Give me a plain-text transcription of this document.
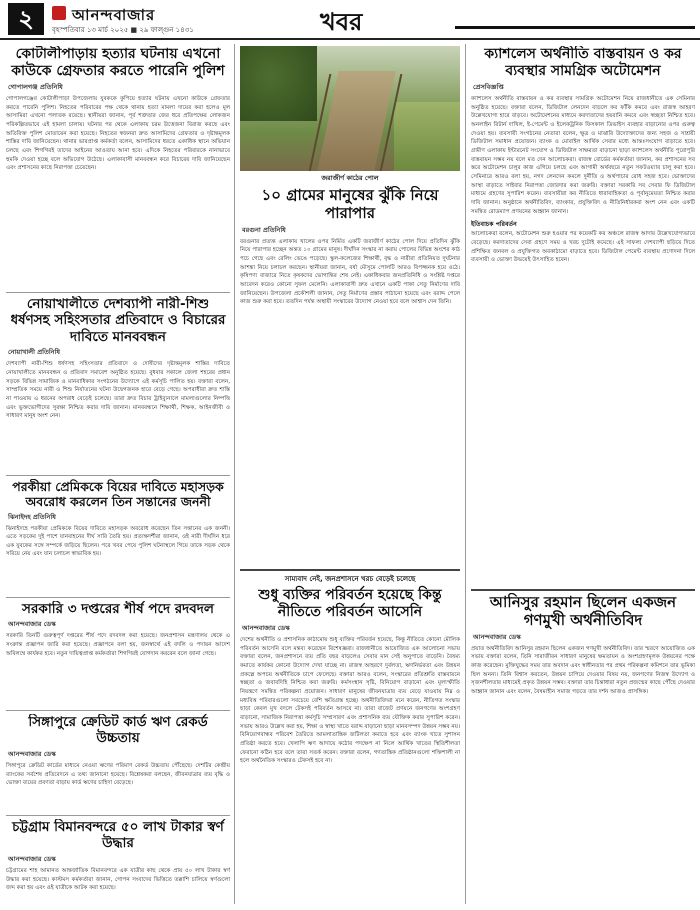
২	আনন্দবাজার
বৃহস্পতিবার ১৩ মার্চ ২০২৫ ■ ২৯ ফাল্গুন ১৪৩১	খবর
কোটালীপাড়ায় হত্যার ঘটনায় এখনো কাউকে গ্রেফতার করতে পারেনি পুলিশ
গোপালগঞ্জ প্রতিনিধি
গোপালগঞ্জের কোটালীপাড়া উপজেলায় যুবককে কুপিয়ে হত্যার ঘটনায় এখনো কাউকে গ্রেফতার করতে পারেনি পুলিশ। নিহতের পরিবারের পক্ষ থেকে থানায় হত্যা মামলা দায়ের করা হলেও মূল আসামিরা এখনো পলাতক রয়েছে। স্থানীয়রা জানান, পূর্ব শত্রুতার জের ধরে প্রতিপক্ষের লোকজন পরিকল্পিতভাবে এই হামলা চালায়। ঘটনার পর থেকে এলাকায় চরম উত্তেজনা বিরাজ করছে এবং অতিরিক্ত পুলিশ মোতায়েন করা হয়েছে। নিহতের স্বজনরা দ্রুত আসামিদের গ্রেফতার ও দৃষ্টান্তমূলক শাস্তির দাবি জানিয়েছেন। থানার ভারপ্রাপ্ত কর্মকর্তা বলেন, আসামিদের ধরতে একাধিক স্থানে অভিযান চলছে এবং শিগগিরই তাদের আইনের আওতায় আনা হবে। এদিকে নিহতের পরিবারকে নানাভাবে হুমকি দেওয়া হচ্ছে বলে অভিযোগ উঠেছে। এলাকাবাসী মানববন্ধন করে বিচারের দাবি জানিয়েছেন এবং প্রশাসনের কাছে নিরাপত্তা চেয়েছেন।
নোয়াখালীতে দেশব্যাপী নারী-শিশু ধর্ষণসহ সহিংসতার প্রতিবাদে ও বিচারের দাবিতে মানববন্ধন
নোয়াখালী প্রতিনিধি
দেশব্যাপী নারী-শিশু ধর্ষণসহ সহিংসতার প্রতিবাদে ও দোষীদের দৃষ্টান্তমূলক শাস্তির দাবিতে নোয়াখালীতে মানববন্ধন ও প্রতিবাদ সমাবেশ অনুষ্ঠিত হয়েছে। বুধবার সকালে জেলা শহরের প্রধান সড়কে বিভিন্ন সামাজিক ও মানবাধিকার সংগঠনের উদ্যোগে এই কর্মসূচি পালিত হয়। বক্তারা বলেন, সাম্প্রতিক সময়ে নারী ও শিশু নির্যাতনের ঘটনা উদ্বেগজনক হারে বেড়ে গেছে। অপরাধীরা দ্রুত শাস্তি না পাওয়ায় এ ধরনের অপরাধ বেড়েই চলেছে। তারা দ্রুত বিচার ট্রাইব্যুনালে মামলাগুলোর নিষ্পত্তি এবং ভুক্তভোগীদের সুরক্ষা নিশ্চিত করার দাবি জানান। মানববন্ধনে শিক্ষার্থী, শিক্ষক, আইনজীবী ও সাধারণ মানুষ অংশ নেন।
পরকীয়া প্রেমিককে বিয়ের দাবিতে মহাসড়ক অবরোধ করলেন তিন সন্তানের জননী
ঝিনাইদহ প্রতিনিধি
ঝিনাইদহে পরকীয়া প্রেমিককে বিয়ের দাবিতে মহাসড়ক অবরোধ করেছেন তিন সন্তানের এক জননী। এতে সড়কের দুই পাশে যানবাহনের দীর্ঘ সারি তৈরি হয়। প্রত্যক্ষদর্শীরা জানান, ওই নারী দীর্ঘদিন ধরে এক যুবকের সঙ্গে সম্পর্কে জড়িয়ে ছিলেন। পরে খবর পেয়ে পুলিশ ঘটনাস্থলে গিয়ে তাকে সড়ক থেকে সরিয়ে নেয় এবং যান চলাচল স্বাভাবিক হয়।
সরকারি ৩ দপ্তরের শীর্ষ পদে রদবদল
আনন্দবাজার ডেস্ক
সরকারি তিনটি গুরুত্বপূর্ণ দপ্তরের শীর্ষ পদে রদবদল করা হয়েছে। জনপ্রশাসন মন্ত্রণালয় থেকে এ সংক্রান্ত প্রজ্ঞাপন জারি করা হয়েছে। প্রজ্ঞাপনে বলা হয়, জনস্বার্থে এই বদলি ও পদায়ন আদেশ অবিলম্বে কার্যকর হবে। নতুন দায়িত্বপ্রাপ্ত কর্মকর্তারা শিগগিরই যোগদান করবেন বলে জানা গেছে।
সিঙ্গাপুরে ক্রেডিট কার্ড ঋণ রেকর্ড উচ্চতায়
আনন্দবাজার ডেস্ক
সিঙ্গাপুরে ক্রেডিট কার্ডের মাধ্যমে নেওয়া ঋণের পরিমাণ রেকর্ড উচ্চতায় পৌঁছেছে। দেশটির কেন্দ্রীয় ব্যাংকের সর্বশেষ প্রতিবেদনে এ তথ্য জানানো হয়েছে। বিশ্লেষকরা বলছেন, জীবনযাত্রার ব্যয় বৃদ্ধি ও ভোক্তা ব্যয়ের প্রবণতা বাড়ায় কার্ড ঋণের চাহিদা বেড়েছে।
চট্টগ্রাম বিমানবন্দরে ৫০ লাখ টাকার স্বর্ণ উদ্ধার
আনন্দবাজার ডেস্ক
চট্টগ্রামের শাহ আমানত আন্তর্জাতিক বিমানবন্দরে এক যাত্রীর কাছ থেকে প্রায় ৫০ লাখ টাকার স্বর্ণ উদ্ধার করা হয়েছে। কাস্টমস কর্মকর্তারা জানান, গোপন সংবাদের ভিত্তিতে তল্লাশি চালিয়ে স্বর্ণগুলো জব্দ করা হয় এবং ওই যাত্রীকে আটক করা হয়েছে।
জরাজীর্ণ কাঠের পোল
১০ গ্রামের মানুষের ঝুঁকি নিয়ে পারাপার
বরগুনা প্রতিনিধি
বরগুনার প্রত্যন্ত এলাকায় খালের ওপর নির্মিত একটি জরাজীর্ণ কাঠের পোল দিয়ে প্রতিদিন ঝুঁকি নিয়ে পারাপার হচ্ছেন অন্তত ১০ গ্রামের মানুষ। দীর্ঘদিন সংস্কার না করায় পোলের বিভিন্ন অংশের কাঠ পচে গেছে এবং রেলিং ভেঙে পড়েছে। স্কুল-কলেজের শিক্ষার্থী, বৃদ্ধ ও নারীরা প্রতিনিয়ত দুর্ঘটনার আশঙ্কা নিয়ে চলাচল করছেন। স্থানীয়রা জানান, বর্ষা মৌসুমে পোলটি আরও বিপজ্জনক হয়ে ওঠে। কৃষিপণ্য বাজারে নিতে কৃষকদের ভোগান্তির শেষ নেই। একাধিকবার জনপ্রতিনিধি ও সংশ্লিষ্ট দপ্তরে আবেদন করেও কোনো সুফল মেলেনি। এলাকাবাসী দ্রুত এখানে একটি পাকা সেতু নির্মাণের দাবি জানিয়েছেন। উপজেলা প্রকৌশলী জানান, সেতু নির্মাণের প্রস্তাব পাঠানো হয়েছে এবং বরাদ্দ পেলে কাজ শুরু করা হবে। ততদিন পর্যন্ত অস্থায়ী সংস্কারের উদ্যোগ নেওয়া হবে বলে আশ্বাস দেন তিনি।
সাম্যবাদ নেই, জনপ্রশাসনে খরচ বেড়েই চলেছে
শুধু ব্যক্তির পরিবর্তন হয়েছে কিন্তু নীতিতে পরিবর্তন আসেনি
আনন্দবাজার ডেস্ক
দেশের অর্থনীতি ও প্রশাসনিক কাঠামোয় শুধু ব্যক্তির পরিবর্তন হয়েছে, কিন্তু নীতিতে কোনো মৌলিক পরিবর্তন আসেনি বলে মন্তব্য করেছেন বিশেষজ্ঞরা। রাজধানীতে আয়োজিত এক আলোচনা সভায় বক্তারা বলেন, জনপ্রশাসনে ব্যয় প্রতি বছর বাড়লেও সেবার মান সেই অনুপাতে বাড়েনি। বৈষম্য কমাতে কার্যকর কোনো উদ্যোগ দেখা যাচ্ছে না। রাজস্ব আহরণে দুর্বলতা, ঋণনির্ভরতা এবং উন্নয়ন প্রকল্পে অপচয় অর্থনীতিকে চাপে ফেলেছে। বক্তারা আরও বলেন, সংস্কারের প্রতিশ্রুতি বাস্তবায়নে স্বচ্ছতা ও জবাবদিহি নিশ্চিত করা জরুরি। কর্মসংস্থান সৃষ্টি, বিনিয়োগ বাড়ানো এবং মূল্যস্ফীতি নিয়ন্ত্রণে সমন্বিত পরিকল্পনা প্রয়োজন। সাধারণ মানুষের জীবনযাত্রার ব্যয় বেড়ে যাওয়ায় নিম্ন ও মধ্যবিত্ত পরিবারগুলো সবচেয়ে বেশি ক্ষতিগ্রস্ত হচ্ছে। অর্থনীতিবিদরা মনে করেন, নীতিগত সংস্কার ছাড়া কেবল মুখ বদলে টেকসই পরিবর্তন আসবে না। তারা বাজেট প্রণয়নে জনগণের অংশগ্রহণ বাড়ানো, সামাজিক নিরাপত্তা কর্মসূচি সম্প্রসারণ এবং প্রশাসনিক ব্যয় যৌক্তিক করার সুপারিশ করেন। সভায় আরও উল্লেখ করা হয়, শিক্ষা ও স্বাস্থ্য খাতে বরাদ্দ বাড়ানো ছাড়া মানবসম্পদ উন্নয়ন সম্ভব নয়। বিনিয়োগবান্ধব পরিবেশ তৈরিতে আমলাতান্ত্রিক জটিলতা কমাতে হবে এবং ব্যাংক খাতে সুশাসন প্রতিষ্ঠা করতে হবে। খেলাপি ঋণ আদায়ে কঠোর পদক্ষেপ না নিলে আর্থিক খাতের স্থিতিশীলতা ফেরানো কঠিন হবে বলে তারা সতর্ক করেন। বক্তারা বলেন, গণতান্ত্রিক প্রতিষ্ঠানগুলো শক্তিশালী না হলে অর্থনৈতিক সংস্কারও টেকসই হবে না।
ক্যাশলেস অর্থনীতি বাস্তবায়ন ও কর ব্যবস্থার সামগ্রিক অটোমেশন
প্রেসবিজ্ঞপ্তি
ক্যাশলেস অর্থনীতি বাস্তবায়ন ও কর ব্যবস্থার সামগ্রিক অটোমেশন নিয়ে রাজধানীতে এক সেমিনার অনুষ্ঠিত হয়েছে। বক্তারা বলেন, ডিজিটাল লেনদেন বাড়লে কর ফাঁকি কমবে এবং রাজস্ব আহরণ উল্লেখযোগ্য হারে বাড়বে। অটোমেশনের মাধ্যমে করদাতাদের হয়রানি কমবে এবং স্বচ্ছতা নিশ্চিত হবে। অনলাইন রিটার্ন দাখিল, ই-পেমেন্ট ও ইলেকট্রনিক ফিসকাল ডিভাইস ব্যবহার বাড়ানোর ওপর গুরুত্ব দেওয়া হয়। ব্যবসায়ী সংগঠনের নেতারা বলেন, ক্ষুদ্র ও মাঝারি উদ্যোক্তাদের জন্য সহজ ও সাশ্রয়ী ডিজিটাল সমাধান প্রয়োজন। ব্যাংক ও মোবাইল আর্থিক সেবার মধ্যে আন্তঃসংযোগ বাড়াতে হবে। গ্রামীণ এলাকায় ইন্টারনেট সংযোগ ও ডিজিটাল সাক্ষরতা বাড়ানো ছাড়া ক্যাশলেস অর্থনীতি পুরোপুরি বাস্তবায়ন সম্ভব নয় বলে মত দেন আলোচকরা। রাজস্ব বোর্ডের কর্মকর্তারা জানান, কর প্রশাসনের সব স্তরে অটোমেশন চালুর কাজ এগিয়ে চলছে এবং আগামী অর্থবছরে নতুন সফটওয়্যার চালু করা হবে। সেমিনারে আরও বলা হয়, নগদ লেনদেন কমলে দুর্নীতি ও অর্থপাচার রোধ সহজ হবে। ভোক্তাদের আস্থা বাড়াতে সাইবার নিরাপত্তা জোরদার করা জরুরি। বক্তারা সরকারি সব সেবার ফি ডিজিটাল মাধ্যমে গ্রহণের সুপারিশ করেন। ব্যবসায়ীরা কর নীতিতে ধারাবাহিকতা ও পূর্বানুমেয়তা নিশ্চিত করার দাবি জানান। অনুষ্ঠানে অর্থনীতিবিদ, ব্যাংকার, প্রযুক্তিবিদ ও নীতিনির্ধারকরা অংশ নেন এবং একটি সমন্বিত রোডম্যাপ প্রণয়নের আহ্বান জানান।
ইতিবাচক পরিবর্তন
আলোচকরা বলেন, অটোমেশন শুরু হওয়ার পর কয়েকটি কর অঞ্চলে রাজস্ব আদায় উল্লেখযোগ্যভাবে বেড়েছে। করদাতাদের সেবা গ্রহণে সময় ও খরচ দুটোই কমেছে। এই সাফল্য দেশব্যাপী ছড়িয়ে দিতে প্রশিক্ষিত জনবল ও প্রযুক্তিগত অবকাঠামো বাড়াতে হবে। ডিজিটাল পেমেন্ট ব্যবস্থায় প্রণোদনা দিলে ব্যবসায়ী ও ভোক্তা উভয়েই উৎসাহিত হবেন।
আনিসুর রহমান ছিলেন একজন গণমুখী অর্থনীতিবিদ
আনন্দবাজার ডেস্ক
প্রয়াত অর্থনীতিবিদ আনিসুর রহমান ছিলেন একজন গণমুখী অর্থনীতিবিদ। তার স্মরণে আয়োজিত এক সভায় বক্তারা বলেন, তিনি সারাজীবন সাধারণ মানুষের ক্ষমতায়ন ও অংশগ্রহণমূলক উন্নয়নের পক্ষে কাজ করেছেন। মুক্তিযুদ্ধের সময় তার অবদান এবং স্বাধীনতার পর প্রথম পরিকল্পনা কমিশনে তার ভূমিকা ছিল অনন্য। তিনি বিশ্বাস করতেন, উন্নয়ন চাপিয়ে দেওয়ার বিষয় নয়, জনগণের নিজস্ব উদ্যোগ ও সৃজনশীলতার মাধ্যমেই প্রকৃত উন্নয়ন সম্ভব। বক্তারা তার চিন্তাধারা নতুন প্রজন্মের কাছে পৌঁছে দেওয়ার আহ্বান জানান এবং বলেন, বৈষম্যহীন সমাজ গড়তে তার দর্শন আজও প্রাসঙ্গিক।
